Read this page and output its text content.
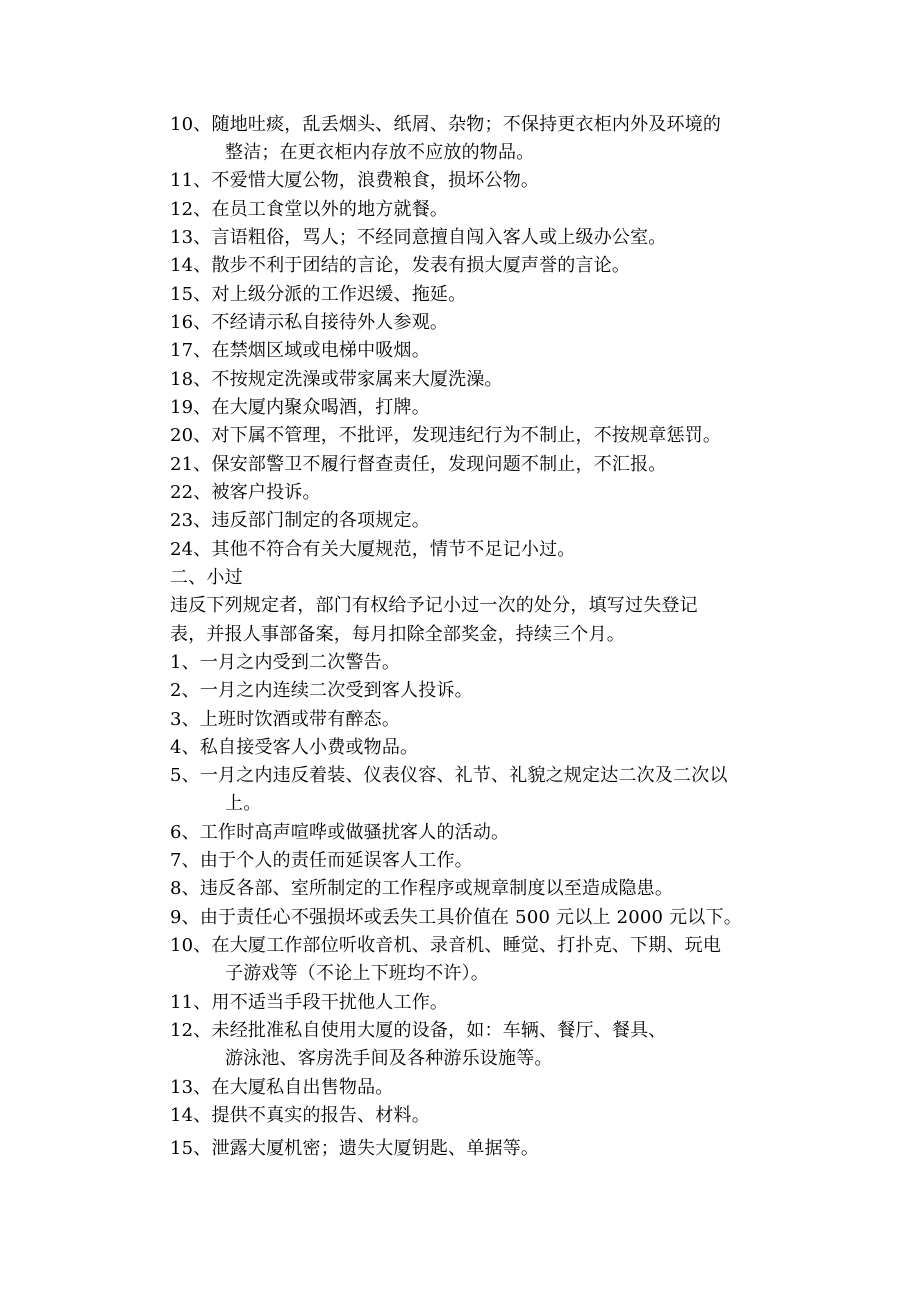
10、随地吐痰，乱丢烟头、纸屑、杂物；不保持更衣柜内外及环境的
整洁；在更衣柜内存放不应放的物品。
11、不爱惜大厦公物，浪费粮食，损坏公物。
12、在员工食堂以外的地方就餐。
13、言语粗俗，骂人；不经同意擅自闯入客人或上级办公室。
14、散步不利于团结的言论，发表有损大厦声誉的言论。
15、对上级分派的工作迟缓、拖延。
16、不经请示私自接待外人参观。
17、在禁烟区域或电梯中吸烟。
18、不按规定洗澡或带家属来大厦洗澡。
19、在大厦内聚众喝酒，打牌。
20、对下属不管理，不批评，发现违纪行为不制止，不按规章惩罚。
21、保安部警卫不履行督查责任，发现问题不制止，不汇报。
22、被客户投诉。
23、违反部门制定的各项规定。
24、其他不符合有关大厦规范，情节不足记小过。
二、小过
违反下列规定者，部门有权给予记小过一次的处分，填写过失登记
表，并报人事部备案，每月扣除全部奖金，持续三个月。
1、一月之内受到二次警告。
2、一月之内连续二次受到客人投诉。
3、上班时饮酒或带有醉态。
4、私自接受客人小费或物品。
5、一月之内违反着装、仪表仪容、礼节、礼貌之规定达二次及二次以
上。
6、工作时高声喧哗或做骚扰客人的活动。
7、由于个人的责任而延误客人工作。
8、违反各部、室所制定的工作程序或规章制度以至造成隐患。
9、由于责任心不强损坏或丢失工具价值在 500 元以上 2000 元以下。
10、在大厦工作部位听收音机、录音机、睡觉、打扑克、下期、玩电
子游戏等（不论上下班均不许）。
11、用不适当手段干扰他人工作。
12、未经批准私自使用大厦的设备，如：车辆、餐厅、餐具、
游泳池、客房洗手间及各种游乐设施等。
13、在大厦私自出售物品。
14、提供不真实的报告、材料。
15、泄露大厦机密；遗失大厦钥匙、单据等。
